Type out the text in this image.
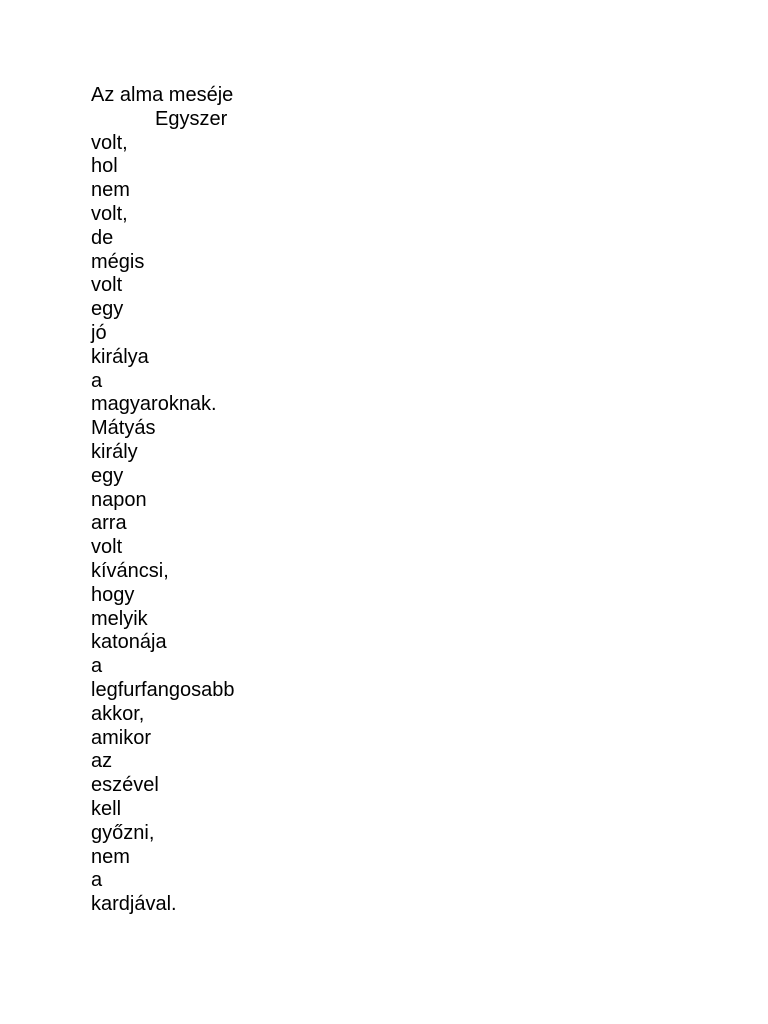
Az alma meséje
Egyszer
volt,
hol
nem
volt,
de
mégis
volt
egy
jó
királya
a
magyaroknak.
Mátyás
király
egy
napon
arra
volt
kíváncsi,
hogy
melyik
katonája
a
legfurfangosabb
akkor,
amikor
az
eszével
kell
győzni,
nem
a
kardjával.
